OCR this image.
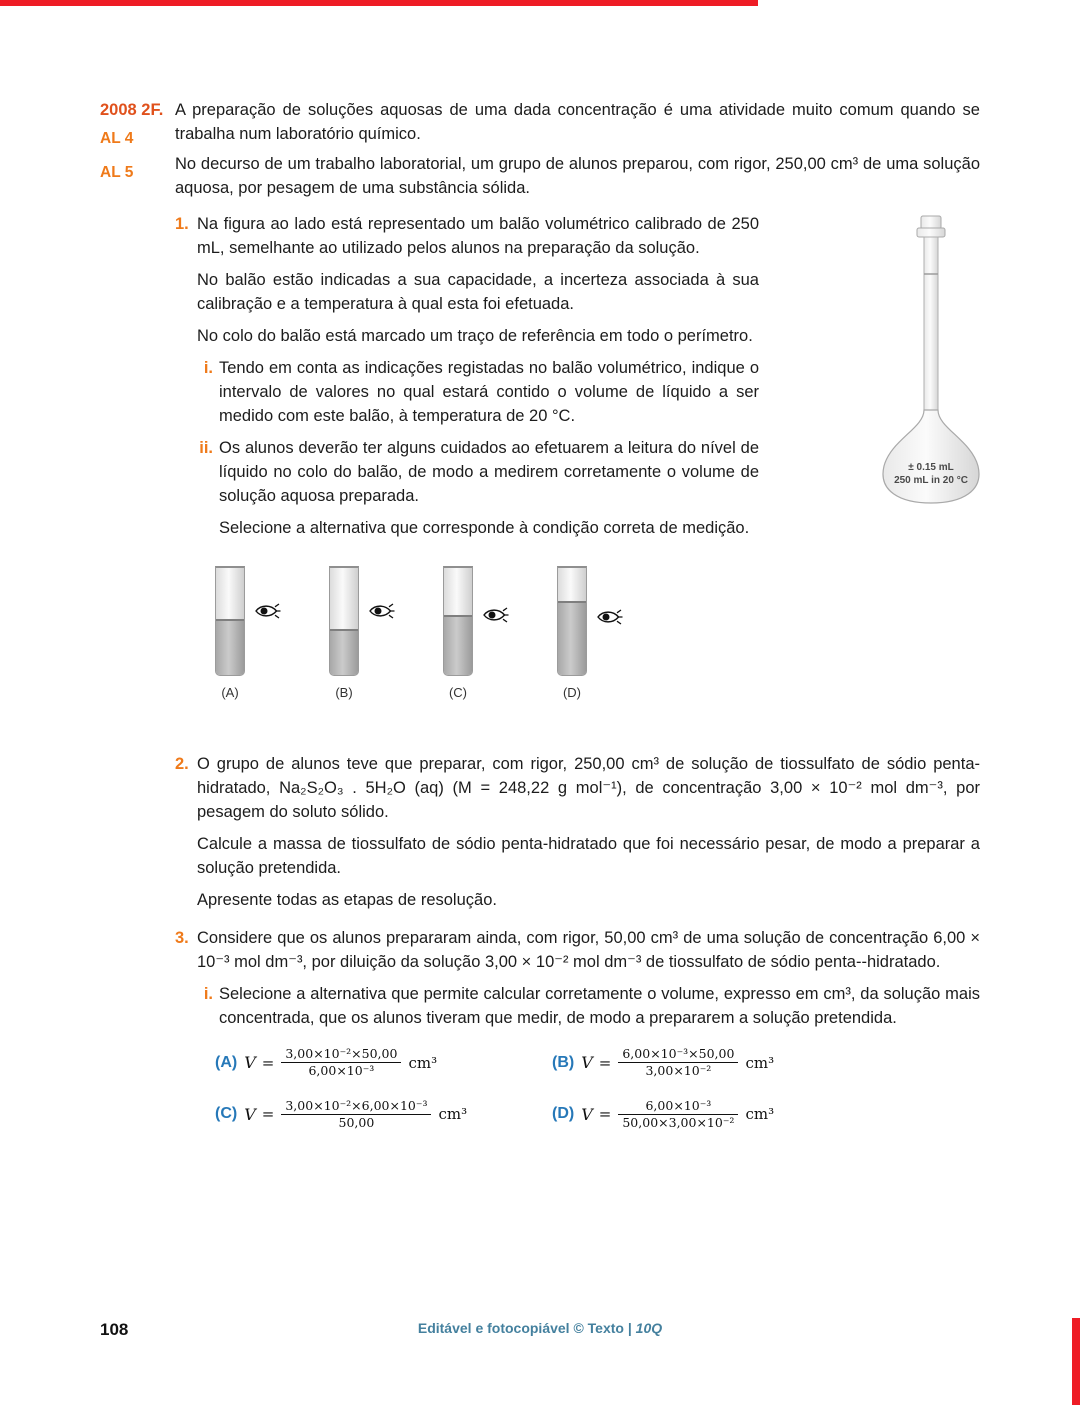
2008 2F.
AL 4
AL 5

A preparação de soluções aquosas de uma dada concentração é uma atividade muito comum quando se trabalha num laboratório químico.

No decurso de um trabalho laboratorial, um grupo de alunos preparou, com rigor, 250,00 cm³ de uma solução aquosa, por pesagem de uma substância sólida.

1. Na figura ao lado está representado um balão volumétrico calibrado de 250 mL, semelhante ao utilizado pelos alunos na preparação da solução.

No balão estão indicadas a sua capacidade, a incerteza associada à sua calibração e a temperatura à qual esta foi efetuada.

No colo do balão está marcado um traço de referência em todo o perímetro.

i. Tendo em conta as indicações registadas no balão volumétrico, indique o intervalo de valores no qual estará contido o volume de líquido a ser medido com este balão, à temperatura de 20 °C.

ii. Os alunos deverão ter alguns cuidados ao efetuarem a leitura do nível de líquido no colo do balão, de modo a medirem corretamente o volume de solução aquosa preparada.

Selecione a alternativa que corresponde à condição correta de medição.

± 0.15 mL
250 mL in 20 °C
(A)	(B)	(C)	(D)
2. O grupo de alunos teve que preparar, com rigor, 250,00 cm³ de solução de tiossulfato de sódio penta-hidratado, Na₂S₂O₃ . 5H₂O (aq) (M = 248,22 g mol⁻¹), de concentração 3,00 × 10⁻² mol dm⁻³, por pesagem do soluto sólido.

Calcule a massa de tiossulfato de sódio penta-hidratado que foi necessário pesar, de modo a preparar a solução pretendida.

Apresente todas as etapas de resolução.

3. Considere que os alunos prepararam ainda, com rigor, 50,00 cm³ de uma solução de concentração 6,00 × 10⁻³ mol dm⁻³, por diluição da solução 3,00 × 10⁻² mol dm⁻³ de tiossulfato de sódio penta--hidratado.

i. Selecione a alternativa que permite calcular corretamente o volume, expresso em cm³, da solução mais concentrada, que os alunos tiveram que medir, de modo a prepararem a solução pretendida.

(A) $V = \frac{\text{3,00×10⁻²×50,00}}{\text{6,00×10⁻³}} cm^3$	(B) $V = \frac{\text{6,00×10⁻³×50,00}}{\text{3,00×10⁻²}} cm^3$
(C) $V = \frac{\text{3,00×10⁻²×6,00×10⁻³}}{50,00} cm^3$	(D) $V = \frac{\text{6,00×10⁻³}}{\text{50,00×3,00×10⁻²}} cm^3$
108	Editável e fotocopiável © Texto | 10Q
